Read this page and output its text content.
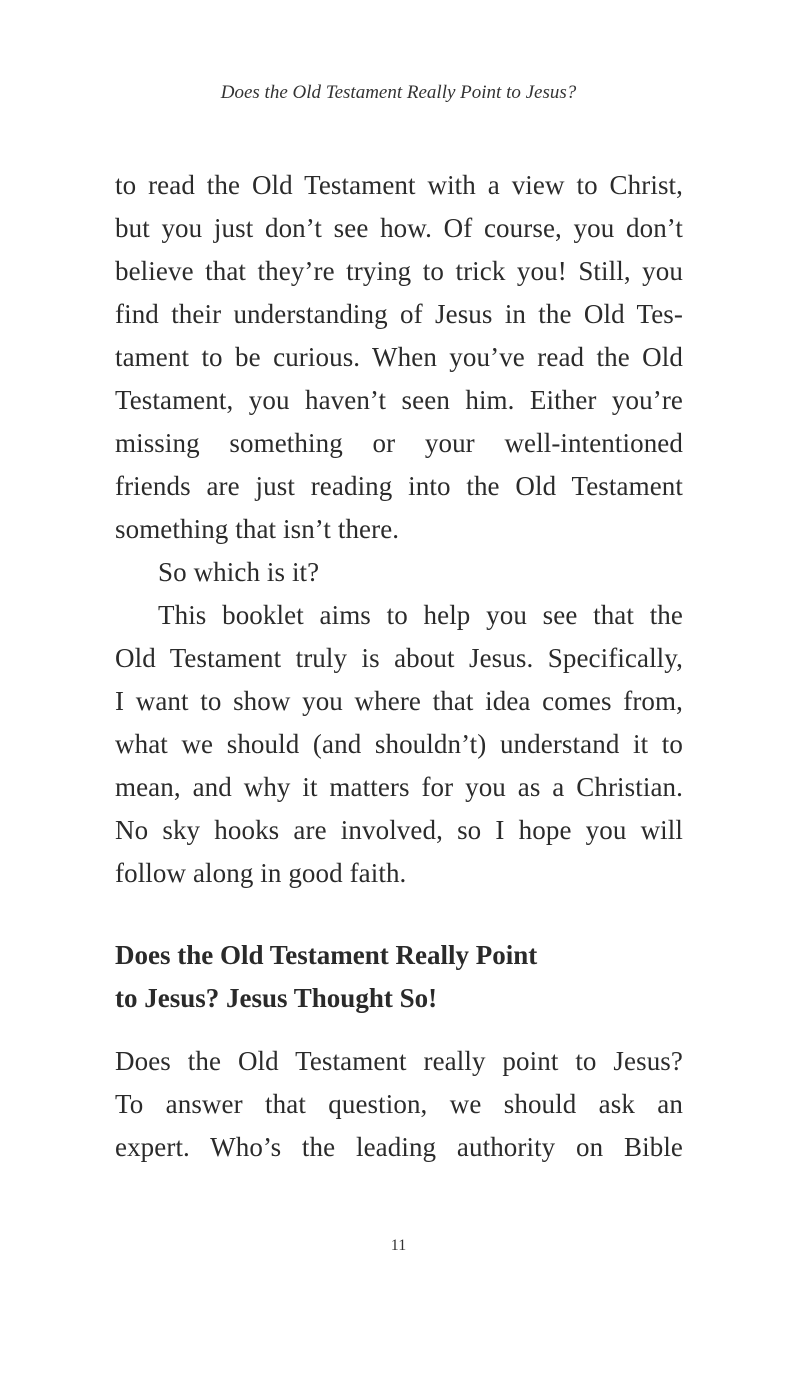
Does the Old Testament Really Point to Jesus?
to read the Old Testament with a view to Christ,
but you just don’t see how. Of course, you don’t
believe that they’re trying to trick you! Still, you
find their understanding of Jesus in the Old Tes-
tament to be curious. When you’ve read the Old
Testament, you haven’t seen him. Either you’re
missing something or your well-intentioned
friends are just reading into the Old Testament
something that isn’t there.
So which is it?
This booklet aims to help you see that the
Old Testament truly is about Jesus. Specifically,
I want to show you where that idea comes from,
what we should (and shouldn’t) understand it to
mean, and why it matters for you as a Christian.
No sky hooks are involved, so I hope you will
follow along in good faith.
Does the Old Testament Really Point
to Jesus? Jesus Thought So!
Does the Old Testament really point to Jesus?
To answer that question, we should ask an
expert. Who’s the leading authority on Bible
11
